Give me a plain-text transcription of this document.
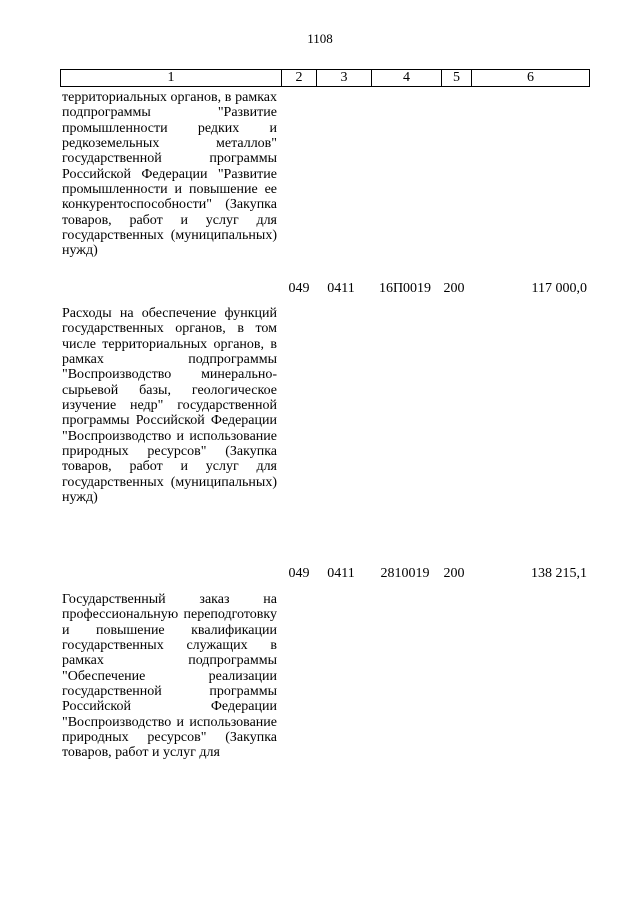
1108
1	2	3	4	5	6
территориальных органов, в рамках подпрограммы "Развитие промышленности редких и редкоземельных металлов" государственной программы Российской Федерации "Развитие промышленности и повышение ее конкурентоспособности" (Закупка товаров, работ и услуг для государственных (муниципальных) нужд)
049	0411	16П0019 200	117 000,0
Расходы на обеспечение функций государственных органов, в том числе территориальных органов, в рамках подпрограммы "Воспроизводство минерально-сырьевой базы, геологическое изучение недр" государственной программы Российской Федерации "Воспроизводство и использование природных ресурсов" (Закупка товаров, работ и услуг для государственных (муниципальных) нужд)
049	0411	2810019	200	138 215,1
Государственный заказ на профессиональную переподготовку и повышение квалификации государственных служащих в рамках подпрограммы "Обеспечение реализации государственной программы Российской Федерации "Воспроизводство и использование природных ресурсов" (Закупка товаров, работ и услуг для
